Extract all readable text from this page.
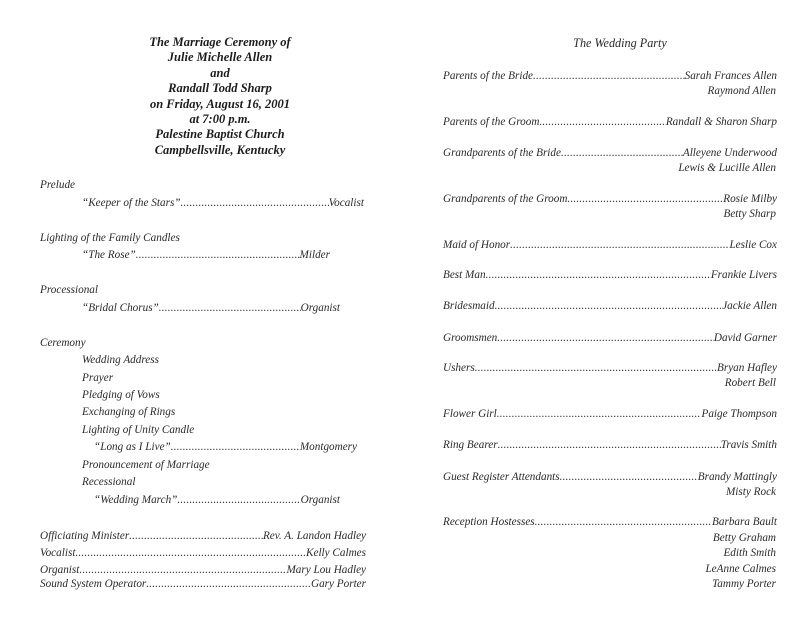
The Marriage Ceremony of
Julie Michelle Allen
and
Randall Todd Sharp
on Friday, August 16, 2001
at 7:00 p.m.
Palestine Baptist Church
Campbellsville, Kentucky
Prelude
“Keeper of the Stars” .....	Vocalist
Lighting of the Family Candles
“The Rose” .....	Milder
Processional
“Bridal Chorus” .....	Organist
Ceremony
Wedding Address
Prayer
Pledging of Vows
Exchanging of Rings
Lighting of Unity Candle
“Long as I Live” .....	Montgomery
Pronouncement of Marriage
Recessional
“Wedding March” .....	Organist
Officiating Minister .....	Rev. A. Landon Hadley
Vocalist .....	Kelly Calmes
Organist .....	Mary Lou Hadley
Sound System Operator .....	Gary Porter
The Wedding Party
Parents of the Bride .....	Sarah Frances Allen
Raymond Allen
Parents of the Groom .....	Randall & Sharon Sharp
Grandparents of the Bride .....	Alleyene Underwood
Lewis & Lucille Allen
Grandparents of the Groom .....	Rosie Milby
Betty Sharp
Maid of Honor .....	Leslie Cox
Best Man .....	Frankie Livers
Bridesmaid .....	Jackie Allen
Groomsmen .....	David Garner
Ushers .....	Bryan Hafley
Robert Bell
Flower Girl .....	Paige Thompson
Ring Bearer .....	Travis Smith
Guest Register Attendants .....	Brandy Mattingly
Misty Rock
Reception Hostesses .....	Barbara Bault
Betty Graham
Edith Smith
LeAnne Calmes
Tammy Porter
